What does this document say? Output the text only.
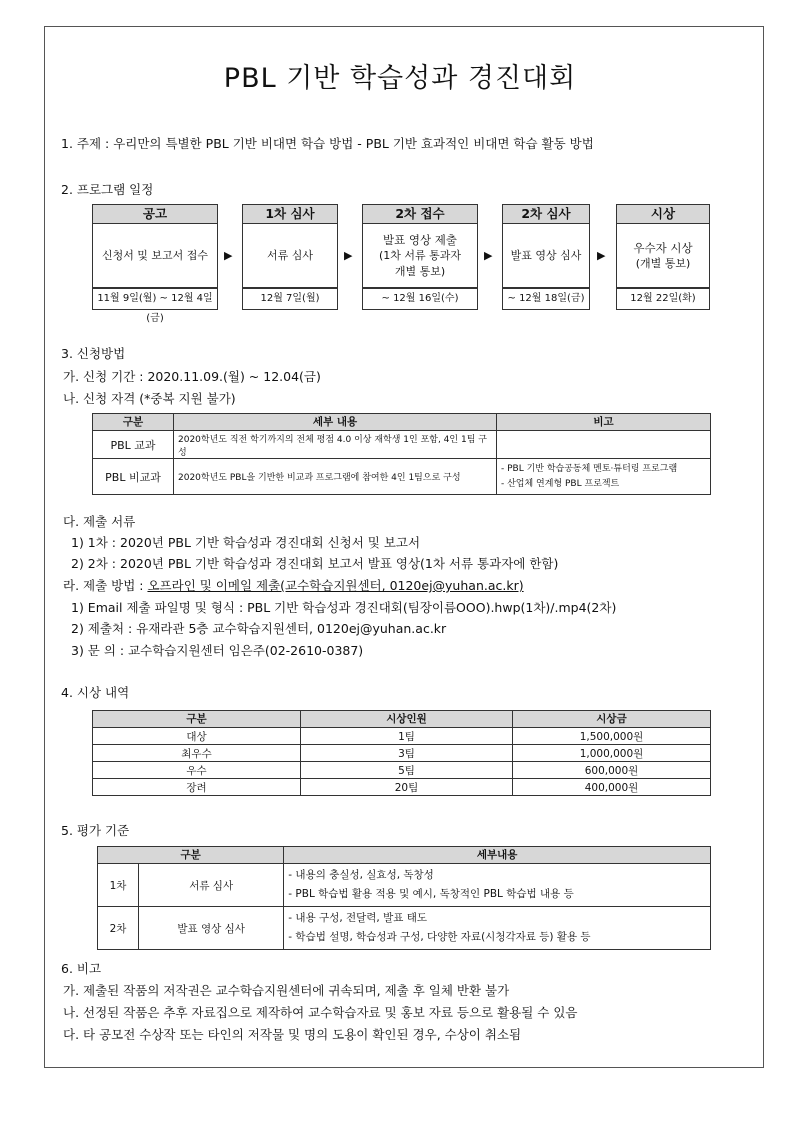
PBL 기반 학습성과 경진대회
1. 주제 : 우리만의 특별한 PBL 기반 비대면 학습 방법 - PBL 기반 효과적인 비대면 학습 활동 방법
2. 프로그램 일정
공고
신청서 및 보고서 접수
11월 9일(월) ~ 12월 4일(금)
▶
1차 심사
서류 심사
12월 7일(월)
▶
2차 접수
발표 영상 제출
(1차 서류 통과자
개별 통보)
~ 12월 16일(수)
▶
2차 심사
발표 영상 심사
~ 12월 18일(금)
▶
시상
우수자 시상
(개별 통보)
12월 22일(화)
3. 신청방법
가. 신청 기간 : 2020.11.09.(월) ~ 12.04(금)
나. 신청 자격 (*중복 지원 불가)
구분	세부 내용	비고
PBL 교과	2020학년도 직전 학기까지의 전체 평점 4.0 이상 재학생 1인 포함, 4인 1팀 구성	
PBL 비교과	2020학년도 PBL을 기반한 비교과 프로그램에 참여한 4인 1팀으로 구성	- PBL 기반 학습공동체 멘토·튜터링 프로그램
- 산업체 연계형 PBL 프로젝트
다. 제출 서류
1) 1차 : 2020년 PBL 기반 학습성과 경진대회 신청서 및 보고서
2) 2차 : 2020년 PBL 기반 학습성과 경진대회 보고서 발표 영상(1차 서류 통과자에 한함)
라. 제출 방법 : 오프라인 및 이메일 제출(교수학습지원센터, 0120ej@yuhan.ac.kr)
1) Email 제출 파일명 및 형식 : PBL 기반 학습성과 경진대회(팀장이름OOO).hwp(1차)/.mp4(2차)
2) 제출처 : 유재라관 5층 교수학습지원센터, 0120ej@yuhan.ac.kr
3) 문 의 : 교수학습지원센터 임은주(02-2610-0387)
4. 시상 내역
구분	시상인원	시상금
대상	1팀	1,500,000원
최우수	3팀	1,000,000원
우수	5팀	600,000원
장려	20팀	400,000원
5. 평가 기준
구분		세부내용
1차	서류 심사	- 내용의 충실성, 실효성, 독창성
- PBL 학습법 활용 적용 및 예시, 독창적인 PBL 학습법 내용 등

2차	발표 영상 심사	- 내용 구성, 전달력, 발표 태도
- 학습법 설명, 학습성과 구성, 다양한 자료(시청각자료 등) 활용 등
6. 비고
가. 제출된 작품의 저작권은 교수학습지원센터에 귀속되며, 제출 후 일체 반환 불가
나. 선정된 작품은 추후 자료집으로 제작하여 교수학습자료 및 홍보 자료 등으로 활용될 수 있음
다. 타 공모전 수상작 또는 타인의 저작물 및 명의 도용이 확인된 경우, 수상이 취소됨
